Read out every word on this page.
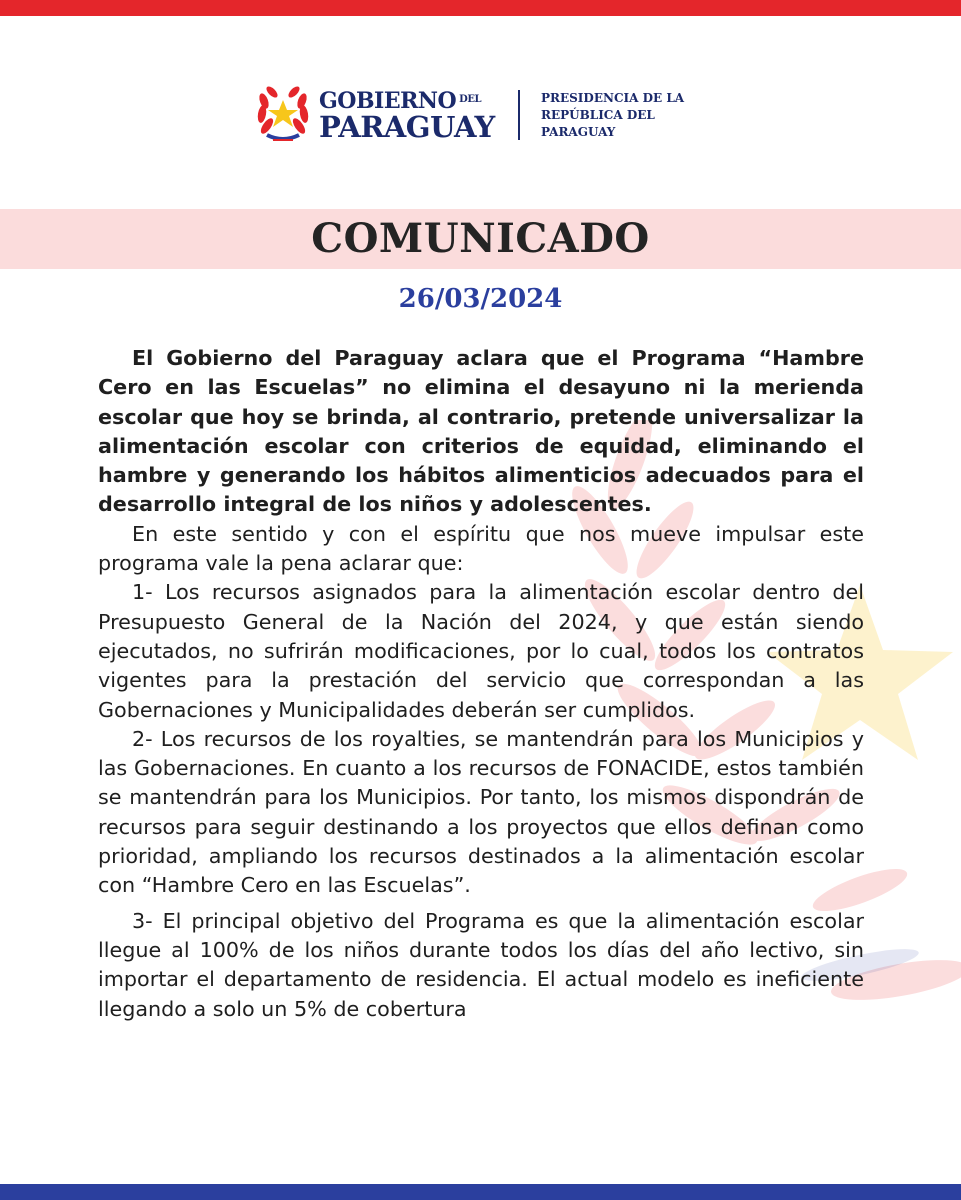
GOBIERNO $^{DEL}$
PARAGUAY
PRESIDENCIA DE LA
REPÚBLICA DEL
PARAGUAY
COMUNICADO
26/03/2024

El Gobierno del Paraguay aclara que el Programa “Hambre Cero en las Escuelas” no elimina el desayuno ni la merienda escolar que hoy se brinda, al contrario, pretende universalizar la alimentación escolar con criterios de equidad, eliminando el hambre y generando los hábitos alimenticios adecuados para el desarrollo integral de los niños y adolescentes.

En este sentido y con el espíritu que nos mueve impulsar este programa vale la pena aclarar que:

1- Los recursos asignados para la alimentación escolar dentro del Presupuesto General de la Nación del 2024, y que están siendo ejecutados, no sufrirán modificaciones, por lo cual, todos los contratos vigentes para la prestación del servicio que correspondan a las Gobernaciones y Municipalidades deberán ser cumplidos.

2- Los recursos de los royalties, se mantendrán para los Municipios y las Gobernaciones. En cuanto a los recursos de FONACIDE, estos también se mantendrán para los Municipios. Por tanto, los mismos dispondrán de recursos para seguir destinando a los proyectos que ellos definan como prioridad, ampliando los recursos destinados a la alimentación escolar con “Hambre Cero en las Escuelas”.

3- El principal objetivo del Programa es que la alimentación escolar llegue al 100% de los niños durante todos los días del año lectivo, sin importar el departamento de residencia. El actual modelo es ineficiente llegando a solo un 5% de cobertura
